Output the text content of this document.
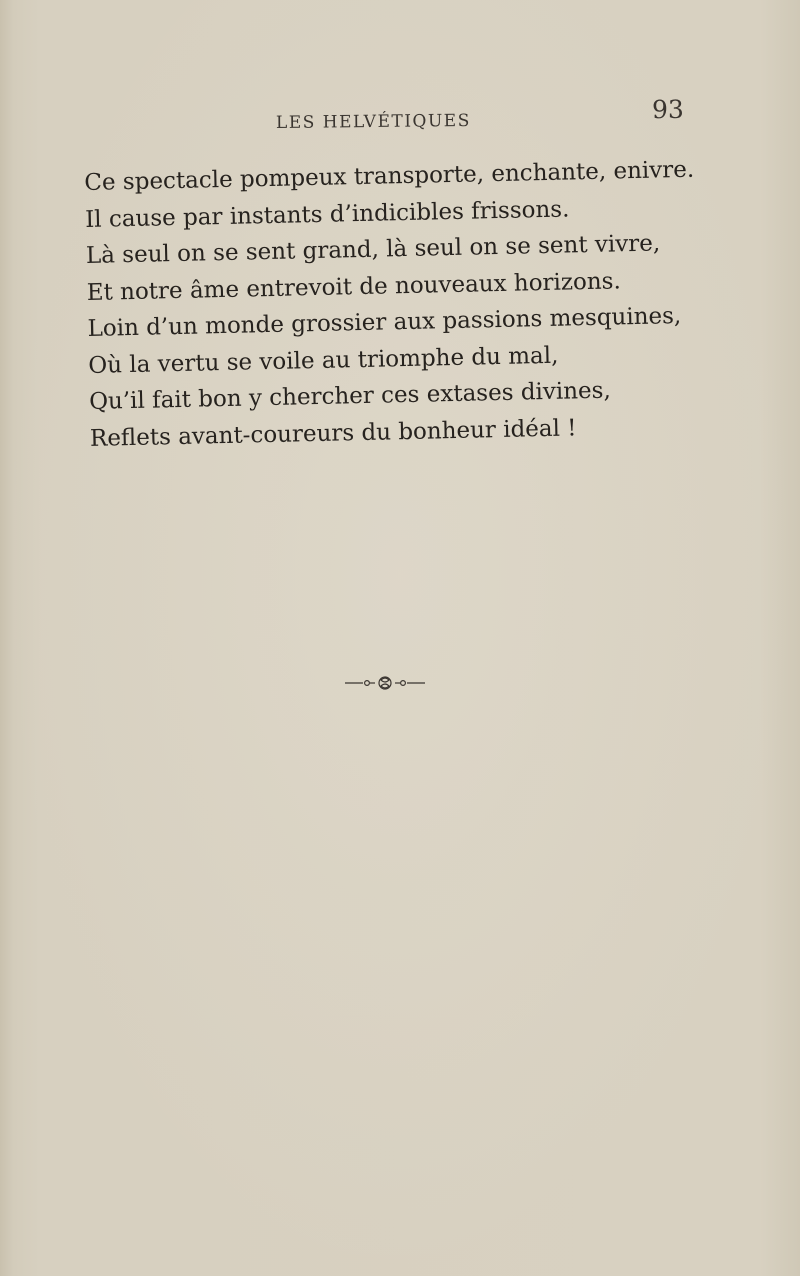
LES HELVÉTIQUES	93
Ce spectacle pompeux transporte, enchante, enivre.
Il cause par instants d’indicibles frissons.
Là seul on se sent grand, là seul on se sent vivre,
Et notre âme entrevoit de nouveaux horizons.
Loin d’un monde grossier aux passions mesquines,
Où la vertu se voile au triomphe du mal,
Qu’il fait bon y chercher ces extases divines,
Reflets avant-coureurs du bonheur idéal !
